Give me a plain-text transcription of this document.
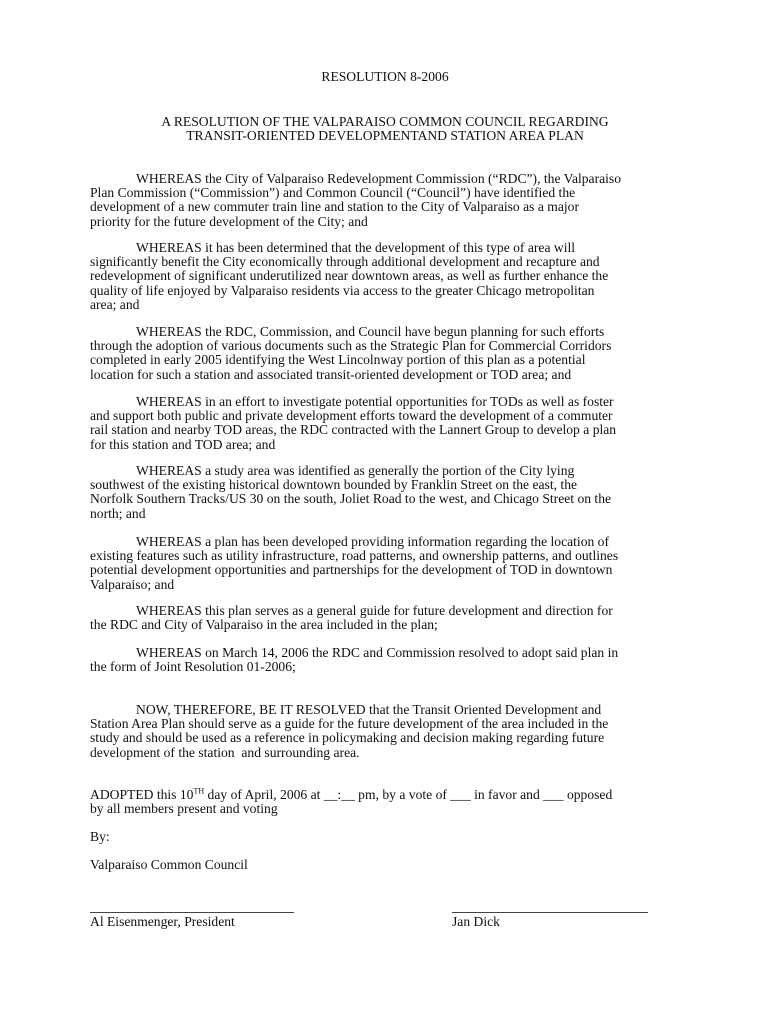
RESOLUTION 8-2006
A RESOLUTION OF THE VALPARAISO COMMON COUNCIL REGARDING
TRANSIT-ORIENTED DEVELOPMENTAND STATION AREA PLAN
WHEREAS the City of Valparaiso Redevelopment Commission (“RDC”), the Valparaiso
Plan Commission (“Commission”) and Common Council (“Council”) have identified the
development of a new commuter train line and station to the City of Valparaiso as a major
priority for the future development of the City; and
WHEREAS it has been determined that the development of this type of area will
significantly benefit the City economically through additional development and recapture and
redevelopment of significant underutilized near downtown areas, as well as further enhance the
quality of life enjoyed by Valparaiso residents via access to the greater Chicago metropolitan
area; and
WHEREAS the RDC, Commission, and Council have begun planning for such efforts
through the adoption of various documents such as the Strategic Plan for Commercial Corridors
completed in early 2005 identifying the West Lincolnway portion of this plan as a potential
location for such a station and associated transit-oriented development or TOD area; and
WHEREAS in an effort to investigate potential opportunities for TODs as well as foster
and support both public and private development efforts toward the development of a commuter
rail station and nearby TOD areas, the RDC contracted with the Lannert Group to develop a plan
for this station and TOD area; and
WHEREAS a study area was identified as generally the portion of the City lying
southwest of the existing historical downtown bounded by Franklin Street on the east, the
Norfolk Southern Tracks/US 30 on the south, Joliet Road to the west, and Chicago Street on the
north; and
WHEREAS a plan has been developed providing information regarding the location of
existing features such as utility infrastructure, road patterns, and ownership patterns, and outlines
potential development opportunities and partnerships for the development of TOD in downtown
Valparaiso; and
WHEREAS this plan serves as a general guide for future development and direction for
the RDC and City of Valparaiso in the area included in the plan;
WHEREAS on March 14, 2006 the RDC and Commission resolved to adopt said plan in
the form of Joint Resolution 01-2006;
NOW, THEREFORE, BE IT RESOLVED that the Transit Oriented Development and
Station Area Plan should serve as a guide for the future development of the area included in the
study and should be used as a reference in policymaking and decision making regarding future
development of the station  and surrounding area.
ADOPTED this 10TH day of April, 2006 at __:__ pm, by a vote of ___ in favor and ___ opposed
by all members present and voting
By:
Valparaiso Common Council
Al Eisenmenger, President	Jan Dick
